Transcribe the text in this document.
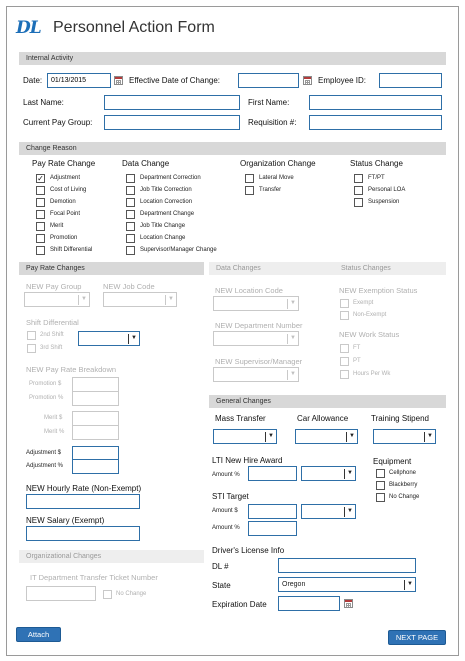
DL Personnel Action Form
Internal Activity
Date:
01/13/2015	Effective Date of Change:	Employee ID:
Last Name:	First Name:
Current Pay Group:	Requisition #:
Change Reason
Pay Rate Change
✓ Adjustment
Cost of Living
Demotion
Focal Point
Merit
Promotion
Shift Differential
Data Change
Department Correction
Job Title Correction
Location Correction
Department Change
Job Title Change
Location Change
Supervisor/Manager Change
Organization Change
Lateral Move
Transfer
Status Change
FT/PT
Personal LOA
Suspension
Pay Rate Changes
NEW Pay Group
▼
NEW Job Code
▼
Shift Differential
2nd Shift
3rd Shift
▼
NEW Pay Rate Breakdown
Promotion $
Promotion %
Merit $
Merit %
Adjustment $
Adjustment %
NEW Hourly Rate (Non-Exempt)
NEW Salary (Exempt)
Organizational Changes
IT Department Transfer Ticket Number
No Change
Data Changes
NEW Location Code
▼
NEW Department Number
▼
NEW Supervisor/Manager
▼
Status Changes
NEW Exemption Status
Exempt
Non-Exempt
NEW Work Status
FT
PT
Hours Per Wk
General Changes
Mass Transfer
▼
Car Allowance
▼
Training Stipend
▼
LTI New Hire Award
Amount %	▼
Equipment
Cellphone
Blackberry
No Change
STI Target
Amount $	▼
Amount %
Driver's License Info
DL #
State	Oregon	▼
Expiration Date
Attach	NEXT PAGE
